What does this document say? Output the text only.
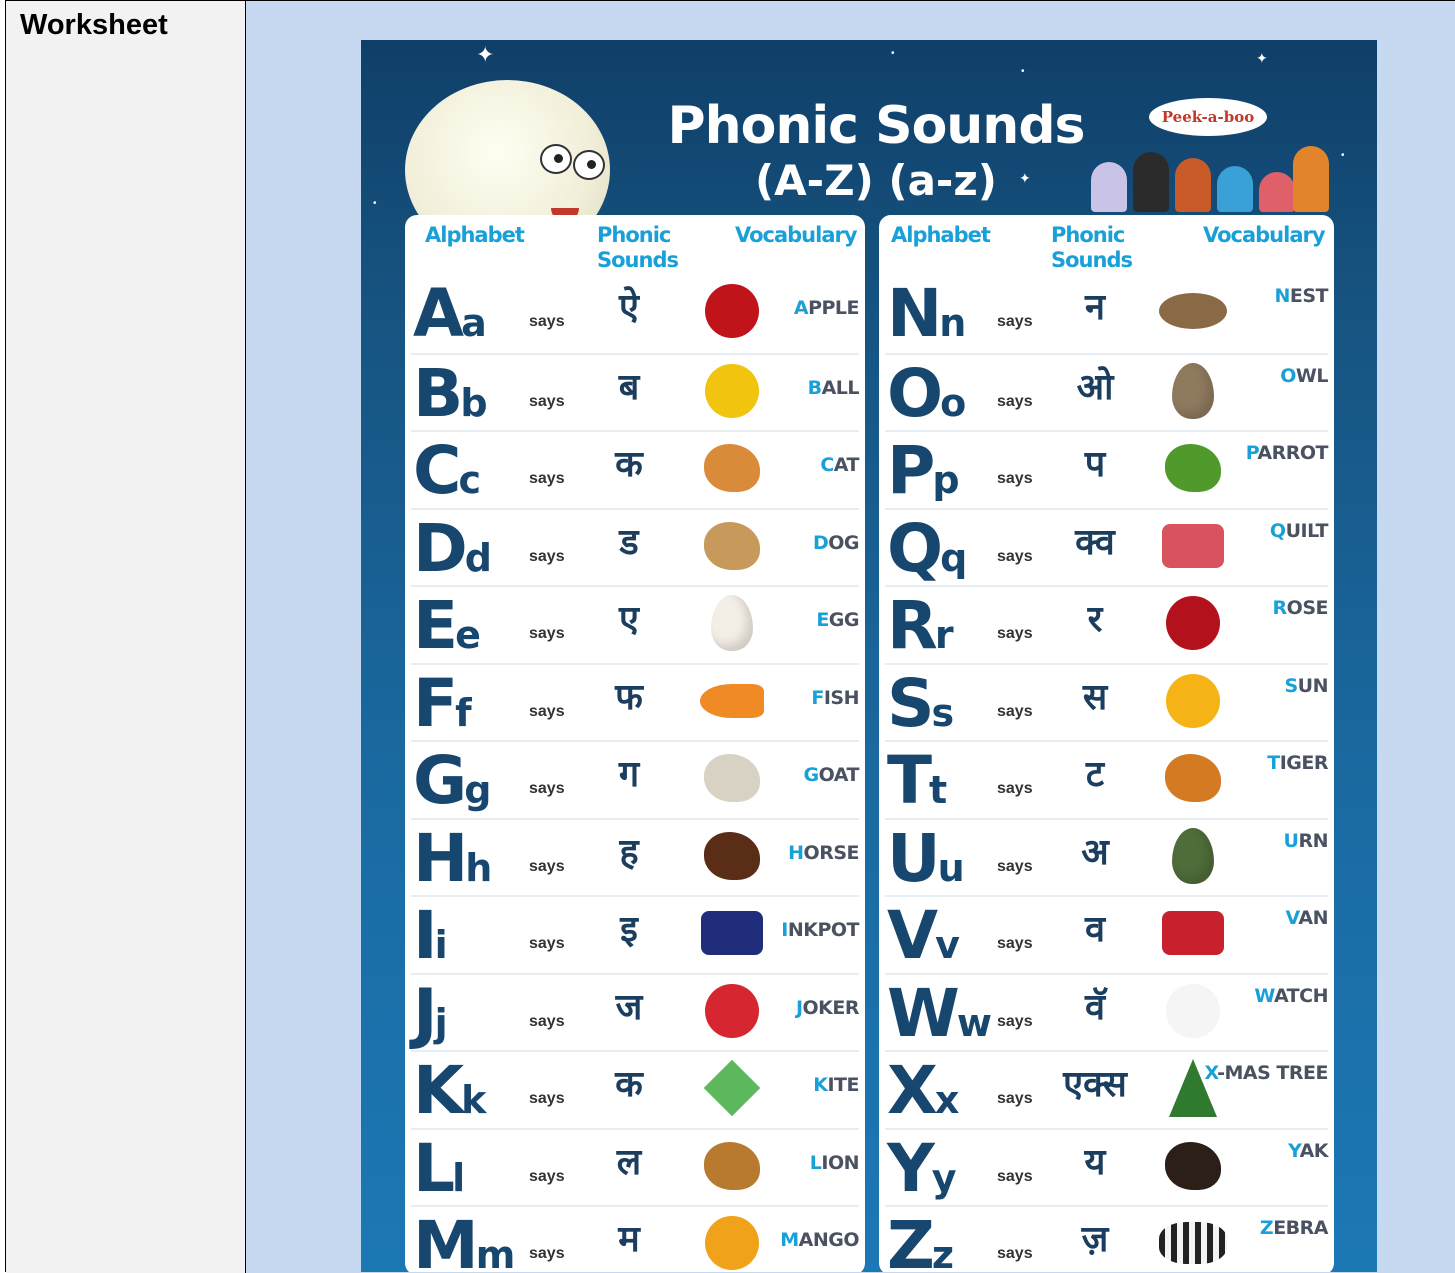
Worksheet
✦	•
•
✦
•
•
✦
Phonic Sounds
(A-Z) (a-z)
Peek-a-boo
Alphabet	Phonic
Sounds
Vocabulary
Aa	says	ऐ	APPLE
Bb	says	ब	BALL
Cc	says	क	CAT
Dd says	ड	DOG
Ee	says	ए	EGG
Ff	says	फ	FISH
Gg says	ग	GOAT
Hh says	ह	HORSE
Ii	says	इ	INKPOT
Jj	says	ज	JOKER
Kk	says	क	KITE
Ll	says	ल	LION
Mm says	म	MANGO
Alphabet	Phonic
Sounds
Vocabulary
Nn says	न	NEST
Oo says	ओ	OWL
Pp says	प	PARROT
Qq says	क्व	QUILT
Rr	says	र	ROSE
Ss	says	स	SUN
Tt	says	ट	TIGER
Uu says	अ	URN
Vv says	व	VAN
Ww says	वॅ	WATCH
Xx says एक्स	X-MAS TREE
Yy	says	य	YAK
Zz	says	ज़	ZEBRA
